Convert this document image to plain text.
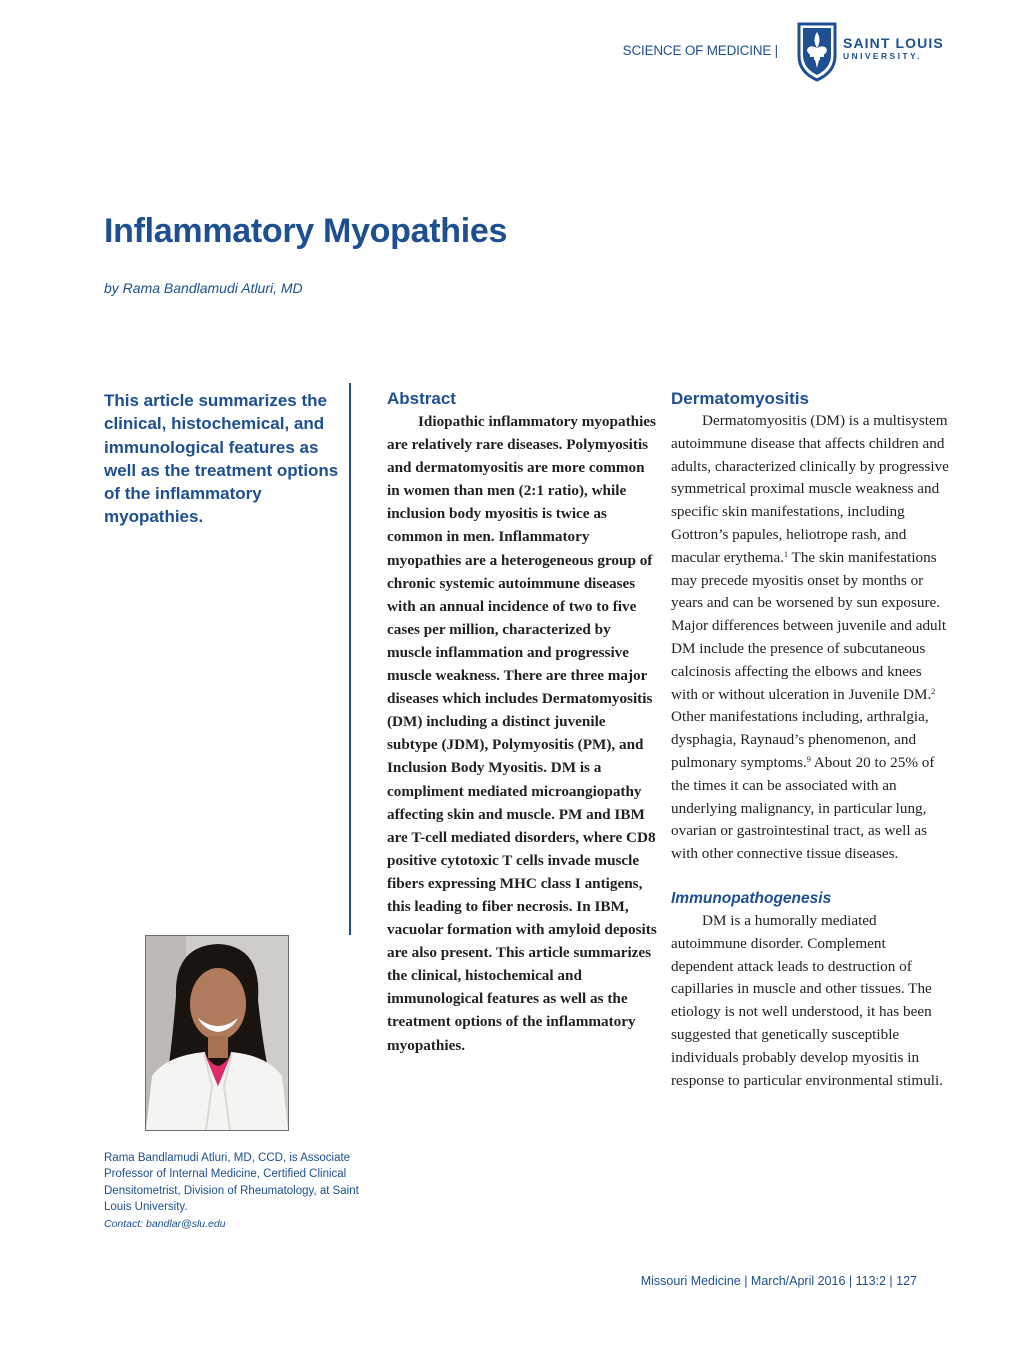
SCIENCE OF MEDICINE |	SAINT LOUIS
UNIVERSITY.
Inflammatory Myopathies
by Rama Bandlamudi Atluri, MD
This article summarizes the clinical, histochemical, and immunological features as well as the treatment options of the inflammatory myopathies.
Rama Bandlamudi Atluri, MD, CCD, is Associate Professor of Internal Medicine, Certified Clinical Densitometrist, Division of Rheumatology, at Saint Louis University.
Contact: bandlar@slu.edu
Abstract

Idiopathic inflammatory myopathies are relatively rare diseases. Polymyositis and dermatomyositis are more common in women than men (2:1 ratio), while inclusion body myositis is twice as common in men. Inflammatory myopathies are a heterogeneous group of chronic systemic autoimmune diseases with an annual incidence of two to five cases per million, characterized by muscle inflammation and progressive muscle weakness. There are three major diseases which includes Dermatomyositis (DM) including a distinct juvenile subtype (JDM), Polymyositis (PM), and Inclusion Body Myositis. DM is a compliment mediated microangiopathy affecting skin and muscle. PM and IBM are T-cell mediated disorders, where CD8 positive cytotoxic T cells invade muscle fibers expressing MHC class I antigens, this leading to fiber necrosis. In IBM, vacuolar formation with amyloid deposits are also present. This article summarizes the clinical, histochemical and immunological features as well as the treatment options of the inflammatory myopathies.

Dermatomyositis

Dermatomyositis (DM) is a multisystem autoimmune disease that affects children and adults, characterized clinically by progressive symmetrical proximal muscle weakness and specific skin manifestations, including Gottron’s papules, heliotrope rash, and macular erythema.$^1$ The skin manifestations may precede myositis onset by months or years and can be worsened by sun exposure. Major differences between juvenile and adult DM include the presence of subcutaneous calcinosis affecting the elbows and knees with or without ulceration in Juvenile DM.$^2$ Other manifestations including, arthralgia, dysphagia, Raynaud’s phenomenon, and pulmonary symptoms.$^9$ About 20 to 25% of the times it can be associated with an underlying malignancy, in particular lung, ovarian or gastrointestinal tract, as well as with other connective tissue diseases.

Immunopathogenesis

DM is a humorally mediated autoimmune disorder. Complement dependent attack leads to destruction of capillaries in muscle and other tissues. The etiology is not well understood, it has been suggested that genetically susceptible individuals probably develop myositis in response to particular environmental stimuli.

Missouri Medicine | March/April 2016 | 113:2 | 127
